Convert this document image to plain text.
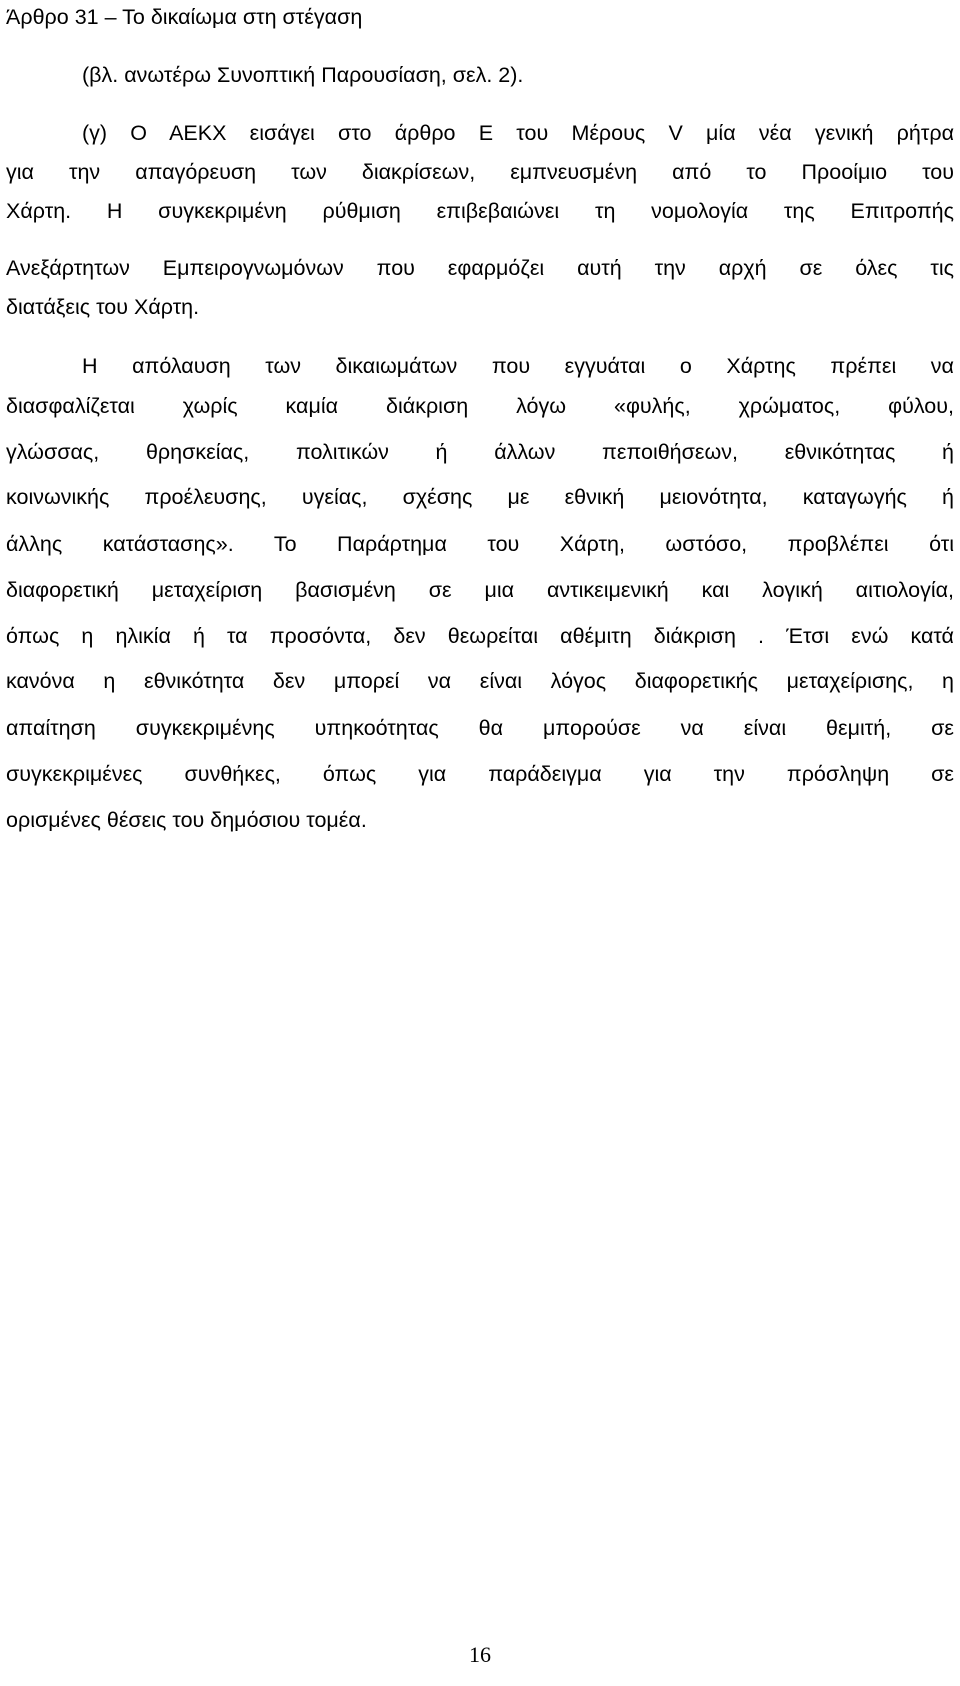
Άρθρο 31 – Το δικαίωμα στη στέγαση
(βλ. ανωτέρω Συνοπτική Παρουσίαση, σελ. 2).
(γ) Ο ΑΕΚΧ εισάγει στο άρθρο Ε του Μέρους V μία νέα γενική ρήτρα
για την απαγόρευση των διακρίσεων, εμπνευσμένη από το Προοίμιο του
Χάρτη. Η συγκεκριμένη ρύθμιση επιβεβαιώνει τη νομολογία της Επιτροπής
Ανεξάρτητων Εμπειρογνωμόνων που εφαρμόζει αυτή την αρχή σε όλες τις
διατάξεις του Χάρτη.
Η απόλαυση των δικαιωμάτων που εγγυάται ο Χάρτης πρέπει να
διασφαλίζεται χωρίς καμία διάκριση λόγω «φυλής, χρώματος, φύλου,
γλώσσας, θρησκείας, πολιτικών ή άλλων πεποιθήσεων, εθνικότητας ή
κοινωνικής προέλευσης, υγείας, σχέσης με εθνική μειονότητα, καταγωγής ή
άλλης κατάστασης». Το Παράρτημα του Χάρτη, ωστόσο, προβλέπει ότι
διαφορετική μεταχείριση βασισμένη σε μια αντικειμενική και λογική αιτιολογία,
όπως η ηλικία ή τα προσόντα, δεν θεωρείται αθέμιτη διάκριση . Έτσι ενώ κατά
κανόνα η εθνικότητα δεν μπορεί να είναι λόγος διαφορετικής μεταχείρισης, η
απαίτηση συγκεκριμένης υπηκοότητας θα μπορούσε να είναι θεμιτή, σε
συγκεκριμένες συνθήκες, όπως για παράδειγμα για την πρόσληψη σε
ορισμένες θέσεις του δημόσιου τομέα.
16
